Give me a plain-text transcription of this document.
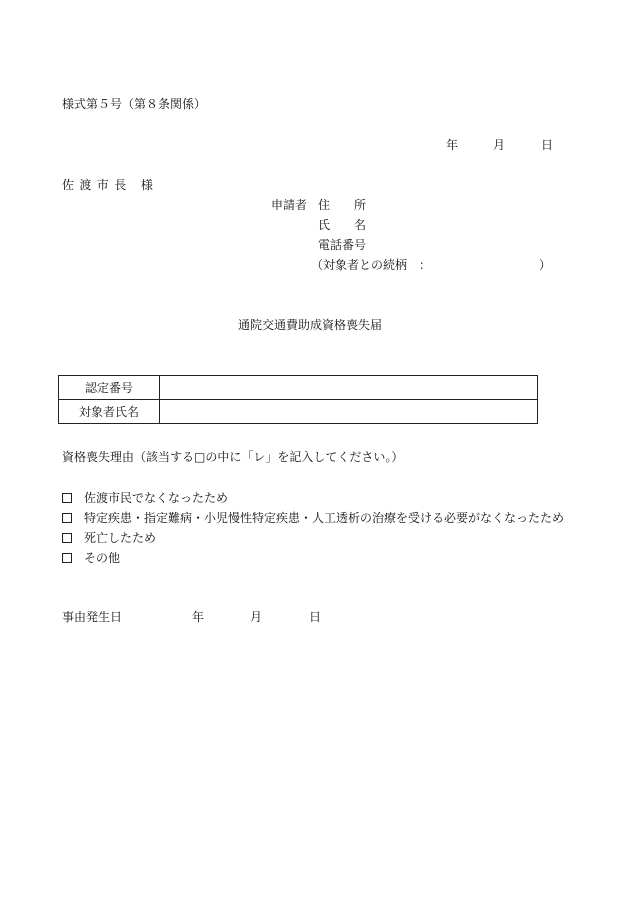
様式第５号（第８条関係）
年	月	日
佐渡市長 様
申請者 住　　所
氏　　名
電話番号
（対象者との続柄　：	）
通院交通費助成資格喪失届
認定番号	
対象者氏名	
資格喪失理由（該当する□の中に「レ」を記入してください。）
佐渡市民でなくなったため
特定疾患・指定難病・小児慢性特定疾患・人工透析の治療を受ける必要がなくなったため
死亡したため
その他
事由発生日	年	月	日
